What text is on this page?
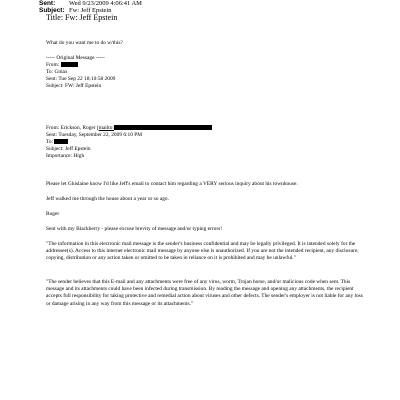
Sent: Wed 9/23/2009 4:06:41 AM
Subject: Fw: Jeff Epstein
Title: Fw: Jeff Epstein
What do you want me to do w/this?
----- Original Message -----
From:
To: Gmax
Sent: Tue Sep 22 18:10:58 2009
Subject: FW: Jeff Epstein
From: Erickson, Roger [mailto:
Sent: Tuesday, September 22, 2009 6:10 PM
To:
Subject: Jeff Epstein
Importance: High
Please let Ghislaine know I'd like Jeff's email to contact him regarding a VERY serious inquiry about his townhouse.
Jeff walked me through the house about a year or so ago.
Roger
Sent with my Blackberry - please excuse brevity of message and/or typing errors!
"The information in this electronic mail message is the sender's business confidential and may be legally privileged. It is intended solely for the addressee(s). Access to this internet electronic mail message by anyone else is unauthorized. If you are not the intended recipient, any disclosure, copying, distribution or any action taken or omitted to be taken in reliance on it is prohibited and may be unlawful."
"The sender believes that this E-mail and any attachments were free of any virus, worm, Trojan horse, and/or malicious code when sent. This message and its attachments could have been infected during transmission. By reading the message and opening any attachments, the recipient accepts full responsibility for taking protective and remedial action about viruses and other defects. The sender's employer is not liable for any loss or damage arising in any way from this message or its attachments."
